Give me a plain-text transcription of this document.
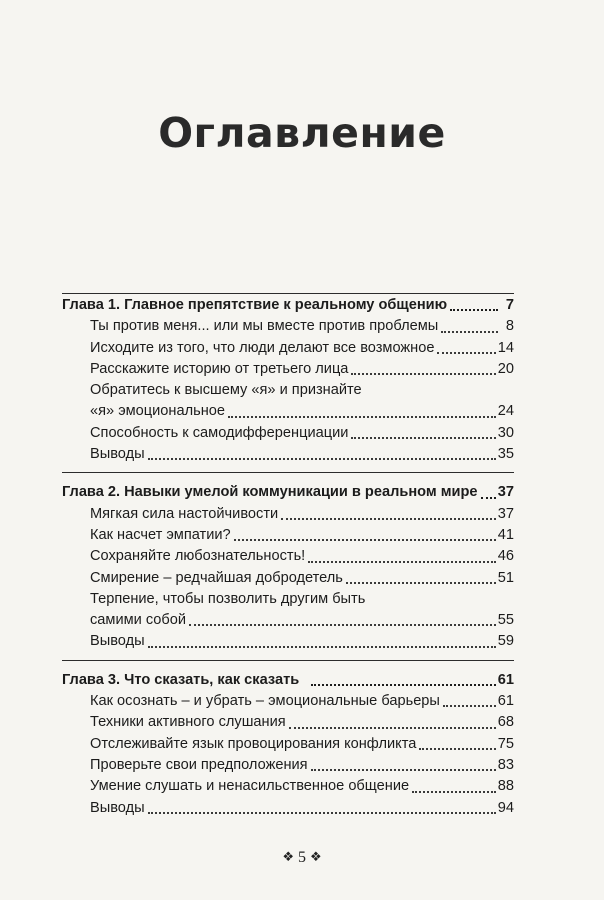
Оглавление
Глава 1. Главное препятствие к реальному общению	7
Ты против меня... или мы вместе против проблемы	8
Исходите из того, что люди делают все возможное	14
Расскажите историю от третьего лица	20
Обратитесь к высшему «я» и признайте
«я» эмоциональное	24
Способность к самодифференциации	30
Выводы	35
Глава 2. Навыки умелой коммуникации в реальном мире 37
Мягкая сила настойчивости	37
Как насчет эмпатии?	41
Сохраняйте любознательность!	46
Смирение – редчайшая добродетель	51
Терпение, чтобы позволить другим быть
самими собой	55
Выводы	59
Глава 3. Что сказать, как сказать	61
Как осознать – и убрать – эмоциональные барьеры	61
Техники активного слушания	68
Отслеживайте язык провоцирования конфликта	75
Проверьте свои предположения	83
Умение слушать и ненасильственное общение	88
Выводы	94
❖ 5 ❖
